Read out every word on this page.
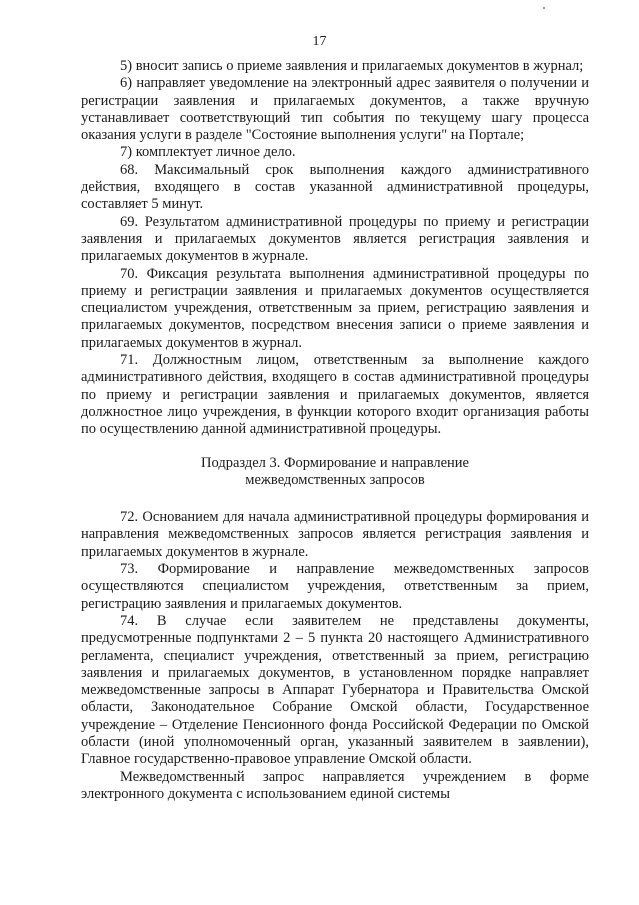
17

5) вносит запись о приеме заявления и прилагаемых документов в журнал;

6) направляет уведомление на электронный адрес заявителя о получении и регистрации заявления и прилагаемых документов, а также вручную устанавливает соответствующий тип события по текущему шагу процесса оказания услуги в разделе "Состояние выполнения услуги" на Портале;

7) комплектует личное дело.

68. Максимальный срок выполнения каждого административного действия, входящего в состав указанной административной процедуры, составляет 5 минут.

69. Результатом административной процедуры по приему и регистрации заявления и прилагаемых документов является регистрация заявления и прилагаемых документов в журнале.

70. Фиксация результата выполнения административной процедуры по приему и регистрации заявления и прилагаемых документов осуществляется специалистом учреждения, ответственным за прием, регистрацию заявления и прилагаемых документов, посредством внесения записи о приеме заявления и прилагаемых документов в журнал.

71. Должностным лицом, ответственным за выполнение каждого административного действия, входящего в состав административной процедуры по приему и регистрации заявления и прилагаемых документов, является должностное лицо учреждения, в функции которого входит организация работы по осуществлению данной административной процедуры.

Подраздел 3. Формирование и направление
межведомственных запросов

72. Основанием для начала административной процедуры формирования и направления межведомственных запросов является регистрация заявления и прилагаемых документов в журнале.

73. Формирование и направление межведомственных запросов осуществляются специалистом учреждения, ответственным за прием, регистрацию заявления и прилагаемых документов.

74. В случае если заявителем не представлены документы, предусмотренные подпунктами 2 – 5 пункта 20 настоящего Административного регламента, специалист учреждения, ответственный за прием, регистрацию заявления и прилагаемых документов, в установленном порядке направляет межведомственные запросы в Аппарат Губернатора и Правительства Омской области, Законодательное Собрание Омской области, Государственное учреждение – Отделение Пенсионного фонда Российской Федерации по Омской области (иной уполномоченный орган, указанный заявителем в заявлении), Главное государственно-правовое управление Омской области.

Межведомственный запрос направляется учреждением в форме электронного документа с использованием единой системы
